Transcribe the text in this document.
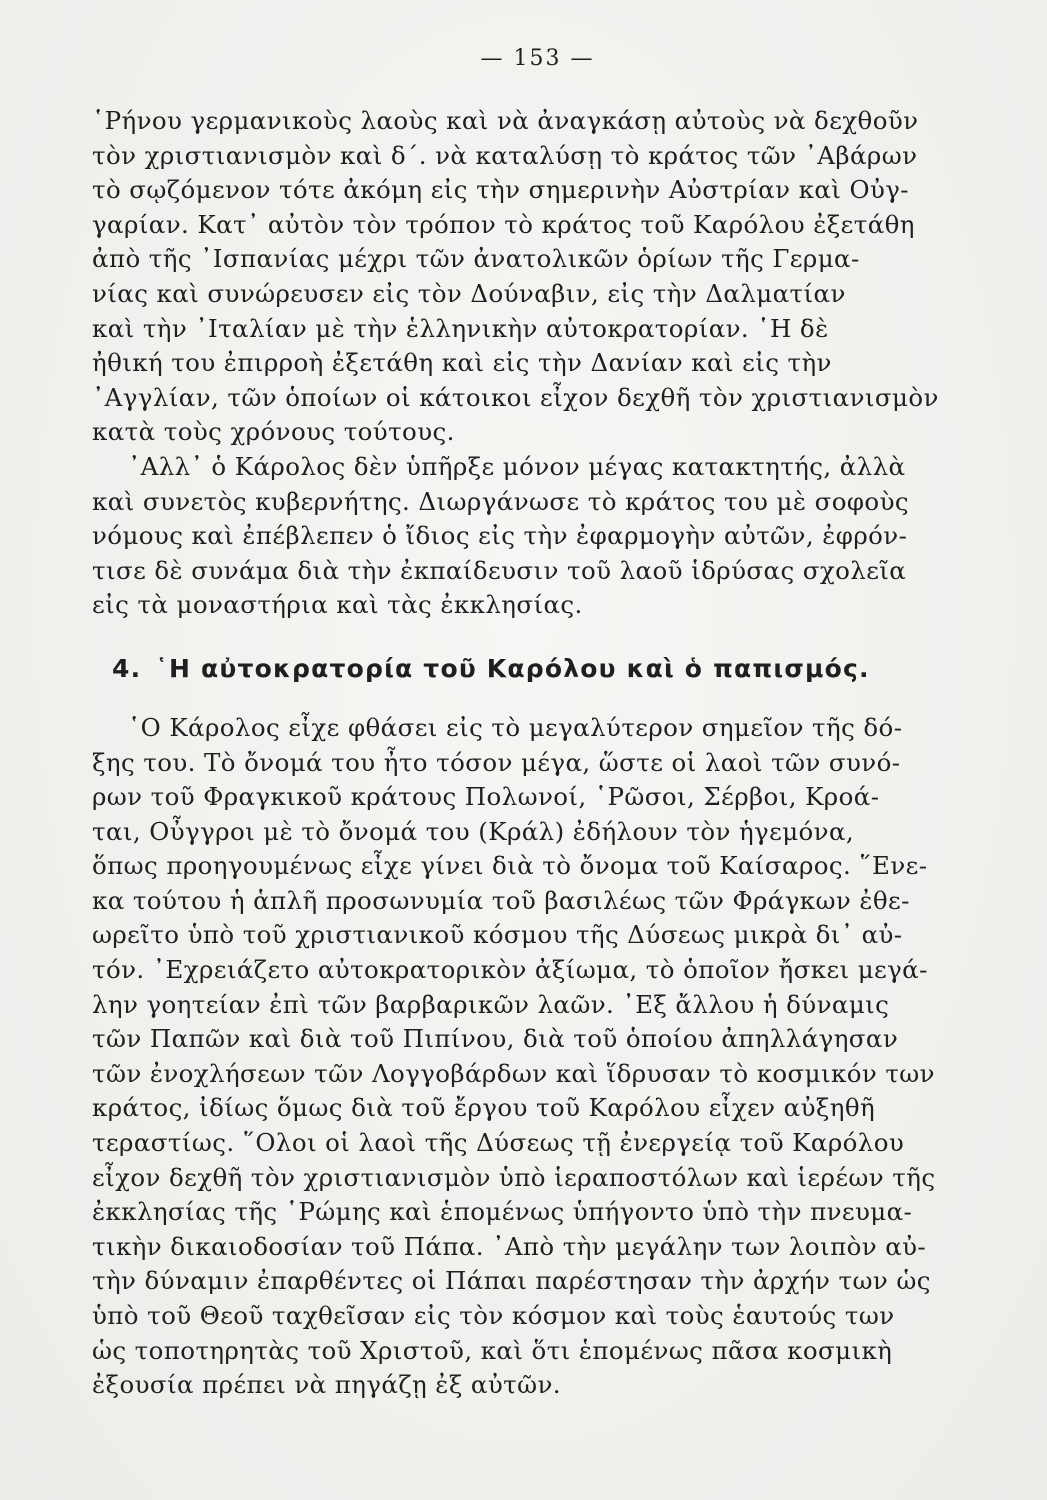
— 153 —
῾Ρήνου γερμανικοὺς λαοὺς καὶ νὰ ἀναγκάσῃ αὐτοὺς νὰ δεχθοῦν
τὸν χριστιανισμὸν καὶ δ΄. νὰ καταλύσῃ τὸ κράτος τῶν ᾿Αβάρων
τὸ σῳζόμενον τότε ἀκόμη εἰς τὴν σημερινὴν Αὐστρίαν καὶ Οὐγ-
γαρίαν. Κατ᾿ αὐτὸν τὸν τρόπον τὸ κράτος τοῦ Καρόλου ἐξετάθη
ἀπὸ τῆς ᾿Ισπανίας μέχρι τῶν ἀνατολικῶν ὁρίων τῆς Γερμα-
νίας καὶ συνώρευσεν εἰς τὸν Δούναβιν, εἰς τὴν Δαλματίαν
καὶ τὴν ᾿Ιταλίαν μὲ τὴν ἑλληνικὴν αὐτοκρατορίαν. ῾Η δὲ
ἠθική του ἐπιρροὴ ἐξετάθη καὶ εἰς τὴν Δανίαν καὶ εἰς τὴν
᾿Αγγλίαν, τῶν ὁποίων οἱ κάτοικοι εἶχον δεχθῆ τὸν χριστιανισμὸν
κατὰ τοὺς χρόνους τούτους.
᾿Αλλ᾿ ὁ Κάρολος δὲν ὑπῆρξε μόνον μέγας κατακτητής, ἀλλὰ
καὶ συνετὸς κυβερνήτης. Διωργάνωσε τὸ κράτος του μὲ σοφοὺς
νόμους καὶ ἐπέβλεπεν ὁ ἴδιος εἰς τὴν ἐφαρμογὴν αὐτῶν, ἐφρόν-
τισε δὲ συνάμα διὰ τὴν ἐκπαίδευσιν τοῦ λαοῦ ἱδρύσας σχολεῖα
εἰς τὰ μοναστήρια καὶ τὰς ἐκκλησίας.
4. ῾Η αὐτοκρατορία τοῦ Καρόλου καὶ ὁ παπισμός.
῾Ο Κάρολος εἶχε φθάσει εἰς τὸ μεγαλύτερον σημεῖον τῆς δό-
ξης του. Τὸ ὄνομά του ἦτο τόσον μέγα, ὥστε οἱ λαοὶ τῶν συνό-
ρων τοῦ Φραγκικοῦ κράτους Πολωνοί, ῾Ρῶσοι, Σέρβοι, Κροά-
ται, Οὖγγροι μὲ τὸ ὄνομά του (Κράλ) ἐδήλουν τὸν ἡγεμόνα,
ὅπως προηγουμένως εἶχε γίνει διὰ τὸ ὄνομα τοῦ Καίσαρος. ῞Ενε-
κα τούτου ἡ ἁπλῆ προσωνυμία τοῦ βασιλέως τῶν Φράγκων ἐθε-
ωρεῖτο ὑπὸ τοῦ χριστιανικοῦ κόσμου τῆς Δύσεως μικρὰ δι᾿ αὐ-
τόν. ᾿Εχρειάζετο αὐτοκρατορικὸν ἀξίωμα, τὸ ὁποῖον ἤσκει μεγά-
λην γοητείαν ἐπὶ τῶν βαρβαρικῶν λαῶν. ᾿Εξ ἄλλου ἡ δύναμις
τῶν Παπῶν καὶ διὰ τοῦ Πιπίνου, διὰ τοῦ ὁποίου ἀπηλλάγησαν
τῶν ἐνοχλήσεων τῶν Λογγοβάρδων καὶ ἵδρυσαν τὸ κοσμικόν των
κράτος, ἰδίως ὅμως διὰ τοῦ ἔργου τοῦ Καρόλου εἶχεν αὐξηθῆ
τεραστίως. ῞Ολοι οἱ λαοὶ τῆς Δύσεως τῇ ἐνεργείᾳ τοῦ Καρόλου
εἶχον δεχθῆ τὸν χριστιανισμὸν ὑπὸ ἱεραποστόλων καὶ ἱερέων τῆς
ἐκκλησίας τῆς ῾Ρώμης καὶ ἑπομένως ὑπήγοντο ὑπὸ τὴν πνευμα-
τικὴν δικαιοδοσίαν τοῦ Πάπα. ᾿Απὸ τὴν μεγάλην των λοιπὸν αὐ-
τὴν δύναμιν ἐπαρθέντες οἱ Πάπαι παρέστησαν τὴν ἀρχήν των ὡς
ὑπὸ τοῦ Θεοῦ ταχθεῖσαν εἰς τὸν κόσμον καὶ τοὺς ἑαυτούς των
ὡς τοποτηρητὰς τοῦ Χριστοῦ, καὶ ὅτι ἑπομένως πᾶσα κοσμικὴ
ἐξουσία πρέπει νὰ πηγάζῃ ἐξ αὐτῶν.
